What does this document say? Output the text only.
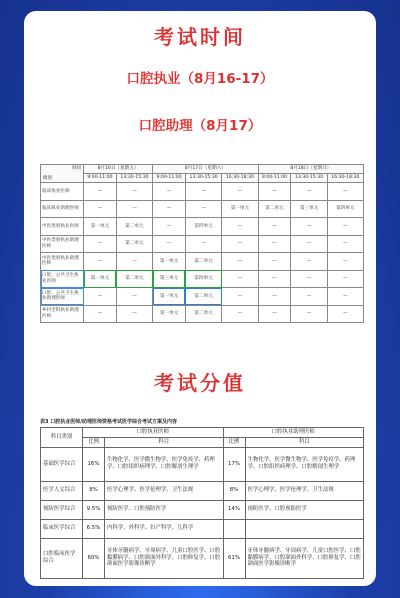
考试时间
口腔执业（8月16-17）
口腔助理（8月17）
时间
级别	8月16日（星期五）		8月17日（星期六）			8月18日（星期日）		
	9:00-11:00	13:30-15:30	9:00-11:00	13:30-15:30	16:30-18:30	9:00-11:00	13:30-15:30	16:30-18:30
临床执业医师	—	—	—	—	—	—	—	—
临床执业助理医师	—	—	—	—	第一单元	第二单元	第三单元	第四单元
中医类别执业医师	第一单元	第二单元	—	第四单元	—	—	—	—
中医类别执业助理医师	—	第二单元	—	—	—	—	—	—
中医类别执业助理医师	—	—	第一单元	第二单元	—	—	—	—
口腔、公共卫生执业医师	第一单元	第二单元	第三单元	第四单元	—	—	—	—
口腔、公共卫生执业助理医师	—	—	第一单元	第二单元	—	—	—	—
乡村全科执业助理医师	—	—	第一单元	第二单元	—	—	—	—
考试分值
表3 口腔执业医师/助理医师资格考试医学综合考试方案及内容
科目类别	口腔执业医师		口腔执业助理医师	
	比例	科目	比例	科目
基础医学综合	16%	生物化学、医学微生物学、医学免疫学、药理学、口腔组织病理学、口腔解剖生理学	17%	生物化学、医学微生物学、医学免疫学、药理学、口腔组织病理学、口腔解剖生理学
医学人文综合	8%	医学心理学、医学伦理学、卫生法规	8%	医学心理学、医学伦理学、卫生法规
预防医学综合	9.5%	预防医学、口腔预防医学	14%	预防医学、口腔预防医学
临床医学综合	6.5%	内科学、外科学、妇产科学、儿科学		
口腔临床医学综合	60%	牙体牙髓病学、牙周病学、儿童口腔医学、口腔黏膜病学、口腔颌面外科学、口腔修复学、口腔颌面医学影像诊断学	61%	牙体牙髓病学、牙周病学、儿童口腔医学、口腔黏膜病学、口腔颌面外科学、口腔修复学、口腔颌面医学影像诊断学
